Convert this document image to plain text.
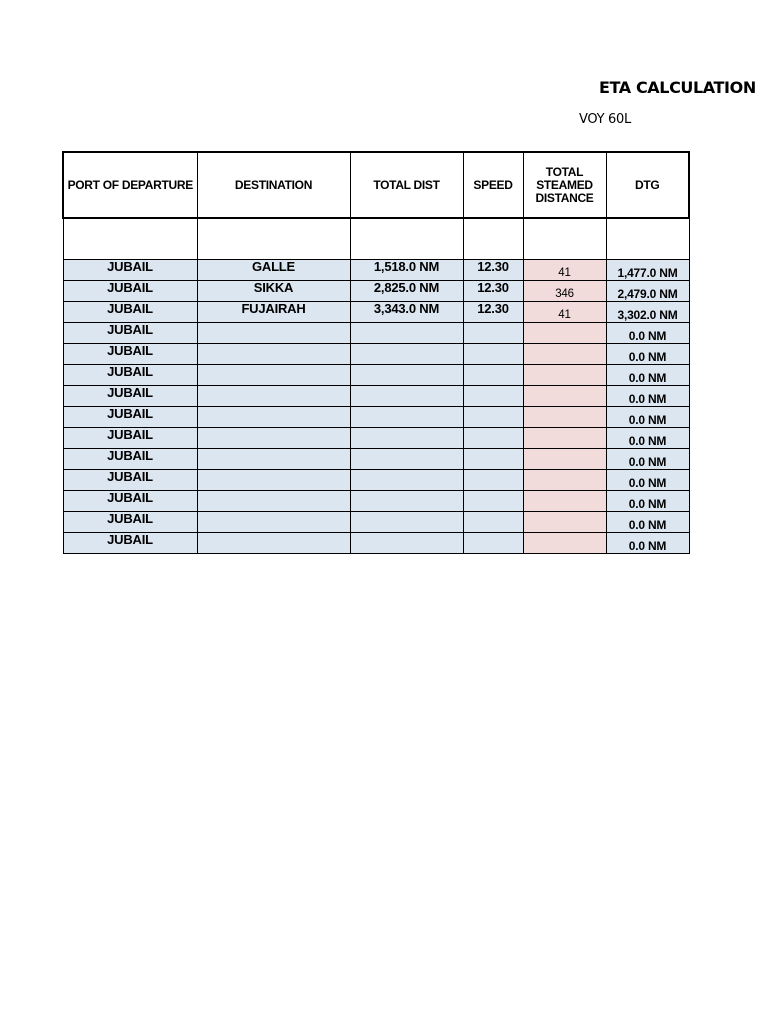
ETA CALCULATION
VOY 60L
PORT OF DEPARTURE	DESTINATION	TOTAL DIST	SPEED	TOTAL STEAMED DISTANCE	DTG

JUBAIL	GALLE	1,518.0 NM	12.30	41	1,477.0 NM
JUBAIL	SIKKA	2,825.0 NM	12.30	346	2,479.0 NM
JUBAIL	FUJAIRAH	3,343.0 NM	12.30	41	3,302.0 NM
JUBAIL					0.0 NM
JUBAIL					0.0 NM
JUBAIL					0.0 NM
JUBAIL					0.0 NM
JUBAIL					0.0 NM
JUBAIL					0.0 NM
JUBAIL					0.0 NM
JUBAIL					0.0 NM
JUBAIL					0.0 NM
JUBAIL					0.0 NM
JUBAIL					0.0 NM
